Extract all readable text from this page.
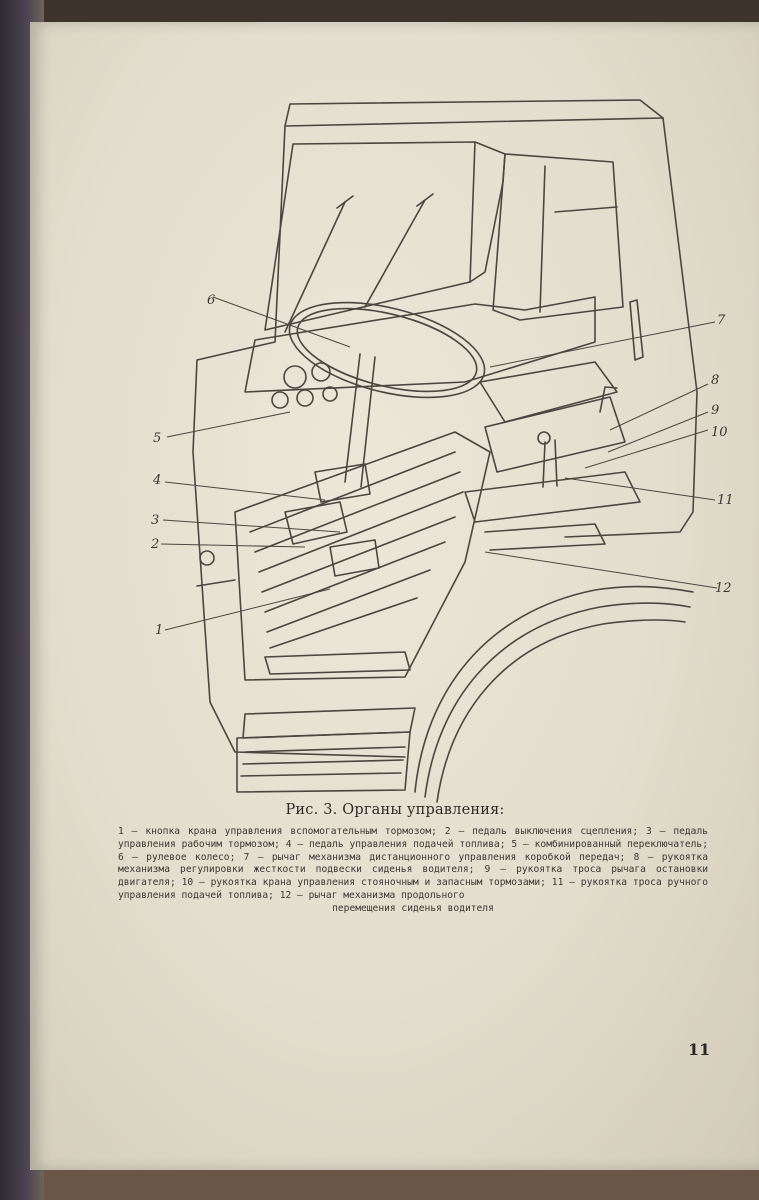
1
2
3
4
5
6
7
8
9
10
11
12
Рис. 3. Органы управления:
1 — кнопка крана управления вспомогательным тормозом; 2 — педаль выключения сцепления; 3 — педаль управления рабочим тормозом; 4 — педаль управления подачей топлива; 5 — комбинированный переключатель; 6 — рулевое колесо; 7 — рычаг механизма дистанционного управления коробкой передач; 8 — рукоятка механизма регулировки жесткости подвески сиденья водителя; 9 — рукоятка троса рычага остановки двигателя; 10 — рукоятка крана управления стояночным и запасным тормозами; 11 — рукоятка троса ручного управления подачей топлива; 12 — рычаг механизма продольного
перемещения сиденья водителя
11
